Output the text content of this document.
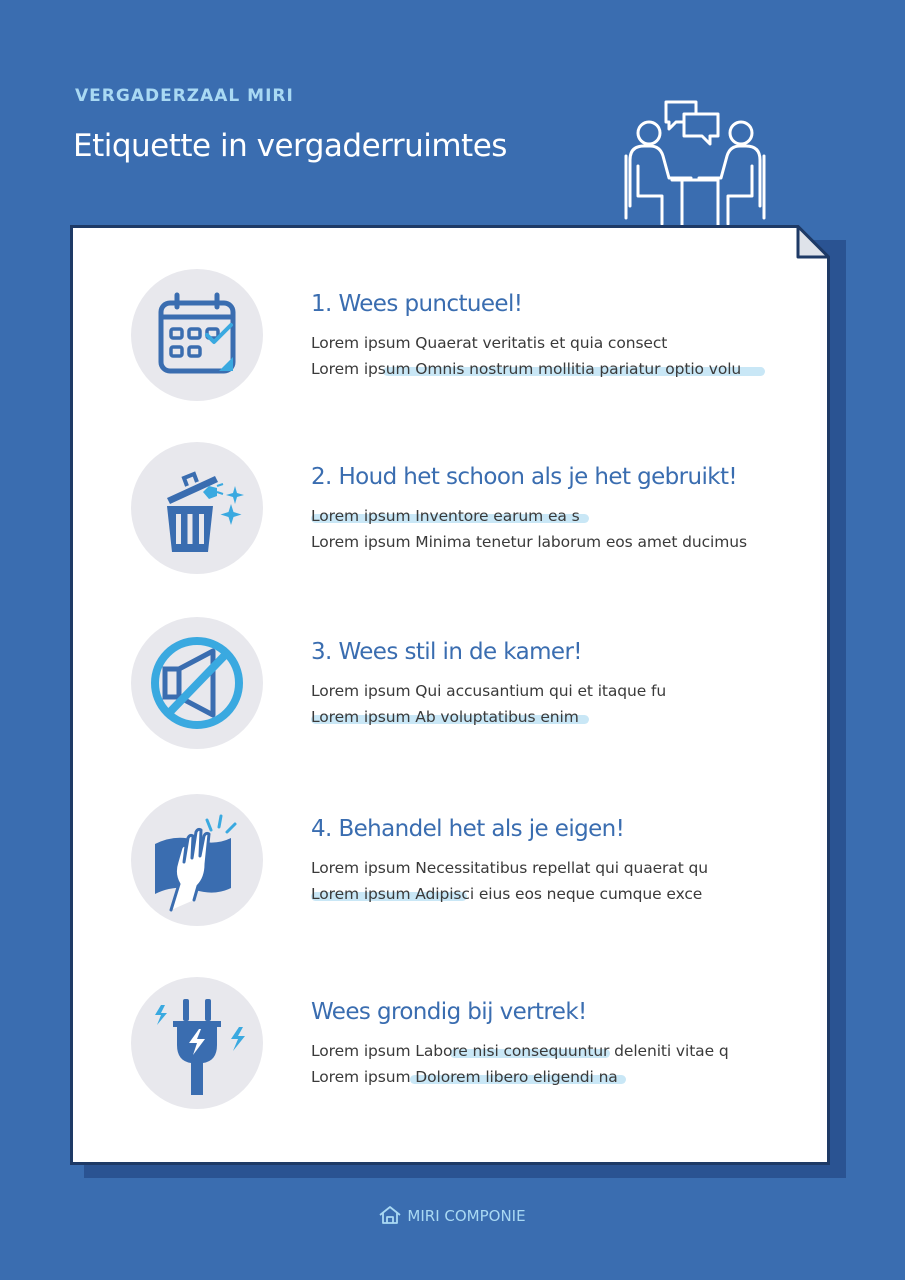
VERGADERZAAL MIRI
Etiquette in vergaderruimtes
1. Wees punctueel!
Lorem ipsum Quaerat veritatis et quia consect
Lorem ipsum Omnis nostrum mollitia pariatur optio volu
2. Houd het schoon als je het gebruikt!
Lorem ipsum Inventore earum ea s
Lorem ipsum Minima tenetur laborum eos amet ducimus
3. Wees stil in de kamer!
Lorem ipsum Qui accusantium qui et itaque fu
Lorem ipsum Ab voluptatibus enim
4. Behandel het als je eigen!
Lorem ipsum Necessitatibus repellat qui quaerat qu
Lorem ipsum Adipisci eius eos neque cumque exce
Wees grondig bij vertrek!
Lorem ipsum Labore nisi consequuntur deleniti vitae q
Lorem ipsum Dolorem libero eligendi na
MIRI COMPONIE
